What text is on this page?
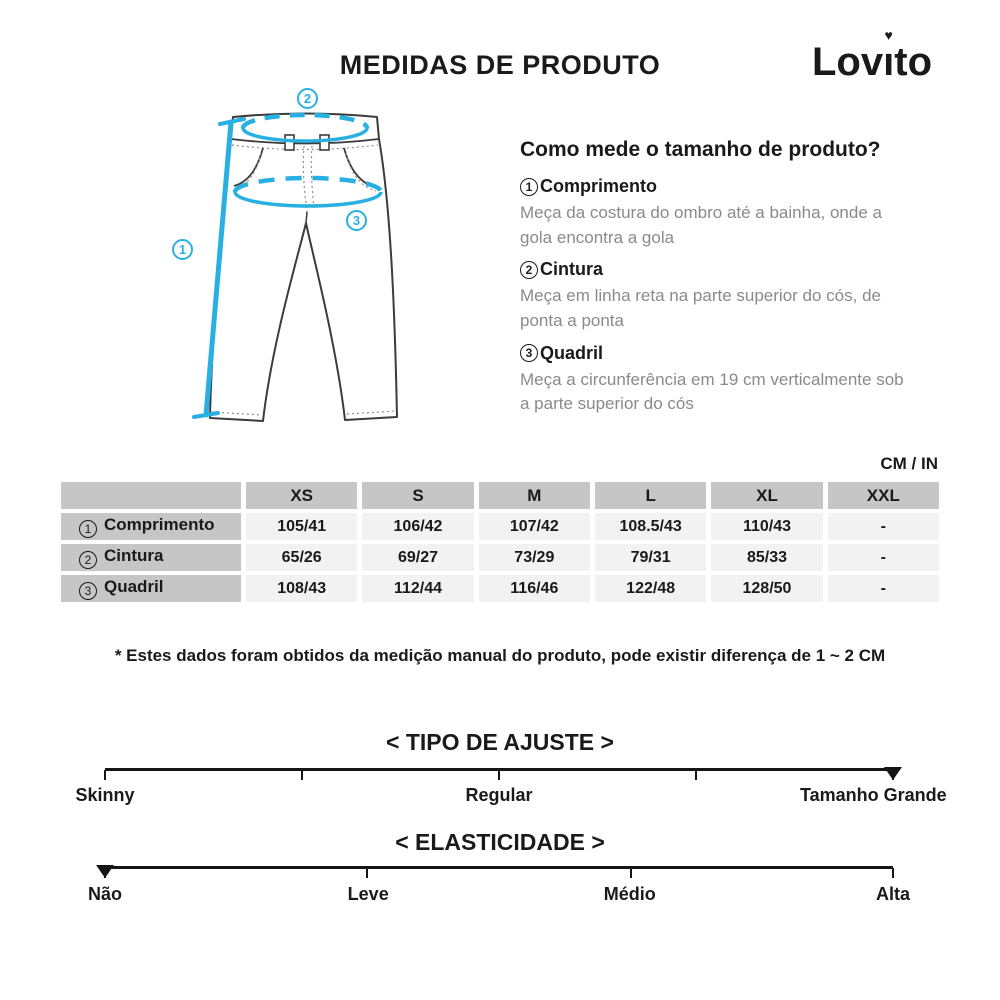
MEDIDAS DE PRODUTO	Lovı
♥
to
2
3
1
Como mede o tamanho de produto?
1 Comprimento
Meça da costura do ombro até a bainha, onde a gola encontra a gola
2 Cintura
Meça em linha reta na parte superior do cós, de ponta a ponta
3 Quadril
Meça a circunferência em 19 cm verticalmente sob a parte superior do cós
CM / IN
	XS	S	M	L	XL	XXL
1 Comprimento	105/41	106/42	107/42	108.5/43	110/43	-
2 Cintura	65/26	69/27	73/29	79/31	85/33	-
3 Quadril	108/43	112/44	116/46	122/48	128/50	-
* Estes dados foram obtidos da medição manual do produto, pode existir diferença de 1 ~ 2 CM
< TIPO DE AJUSTE >
Skinny	Regular	Tamanho Grande
< ELASTICIDADE >
Não	Leve	Médio	Alta
